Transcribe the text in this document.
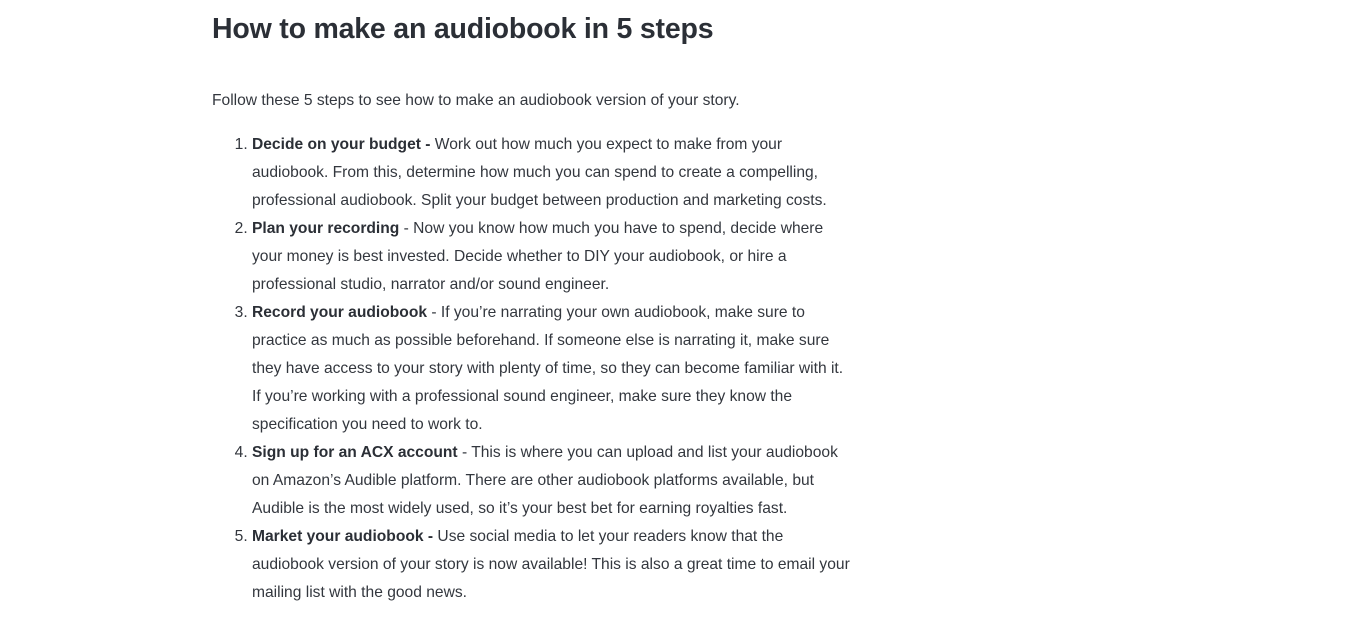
How to make an audiobook in 5 steps

Follow these 5 steps to see how to make an audiobook version of your story.

1. Decide on your budget - Work out how much you expect to make from your audiobook. From this, determine how much you can spend to create a compelling, professional audiobook. Split your budget between production and marketing costs.
2. Plan your recording - Now you know how much you have to spend, decide where your money is best invested. Decide whether to DIY your audiobook, or hire a professional studio, narrator and/or sound engineer.
3. Record your audiobook - If you’re narrating your own audiobook, make sure to practice as much as possible beforehand. If someone else is narrating it, make sure they have access to your story with plenty of time, so they can become familiar with it. If you’re working with a professional sound engineer, make sure they know the specification you need to work to.
4. Sign up for an ACX account - This is where you can upload and list your audiobook on Amazon’s Audible platform. There are other audiobook platforms available, but Audible is the most widely used, so it’s your best bet for earning royalties fast.
5. Market your audiobook - Use social media to let your readers know that the audiobook version of your story is now available! This is also a great time to email your mailing list with the good news.
